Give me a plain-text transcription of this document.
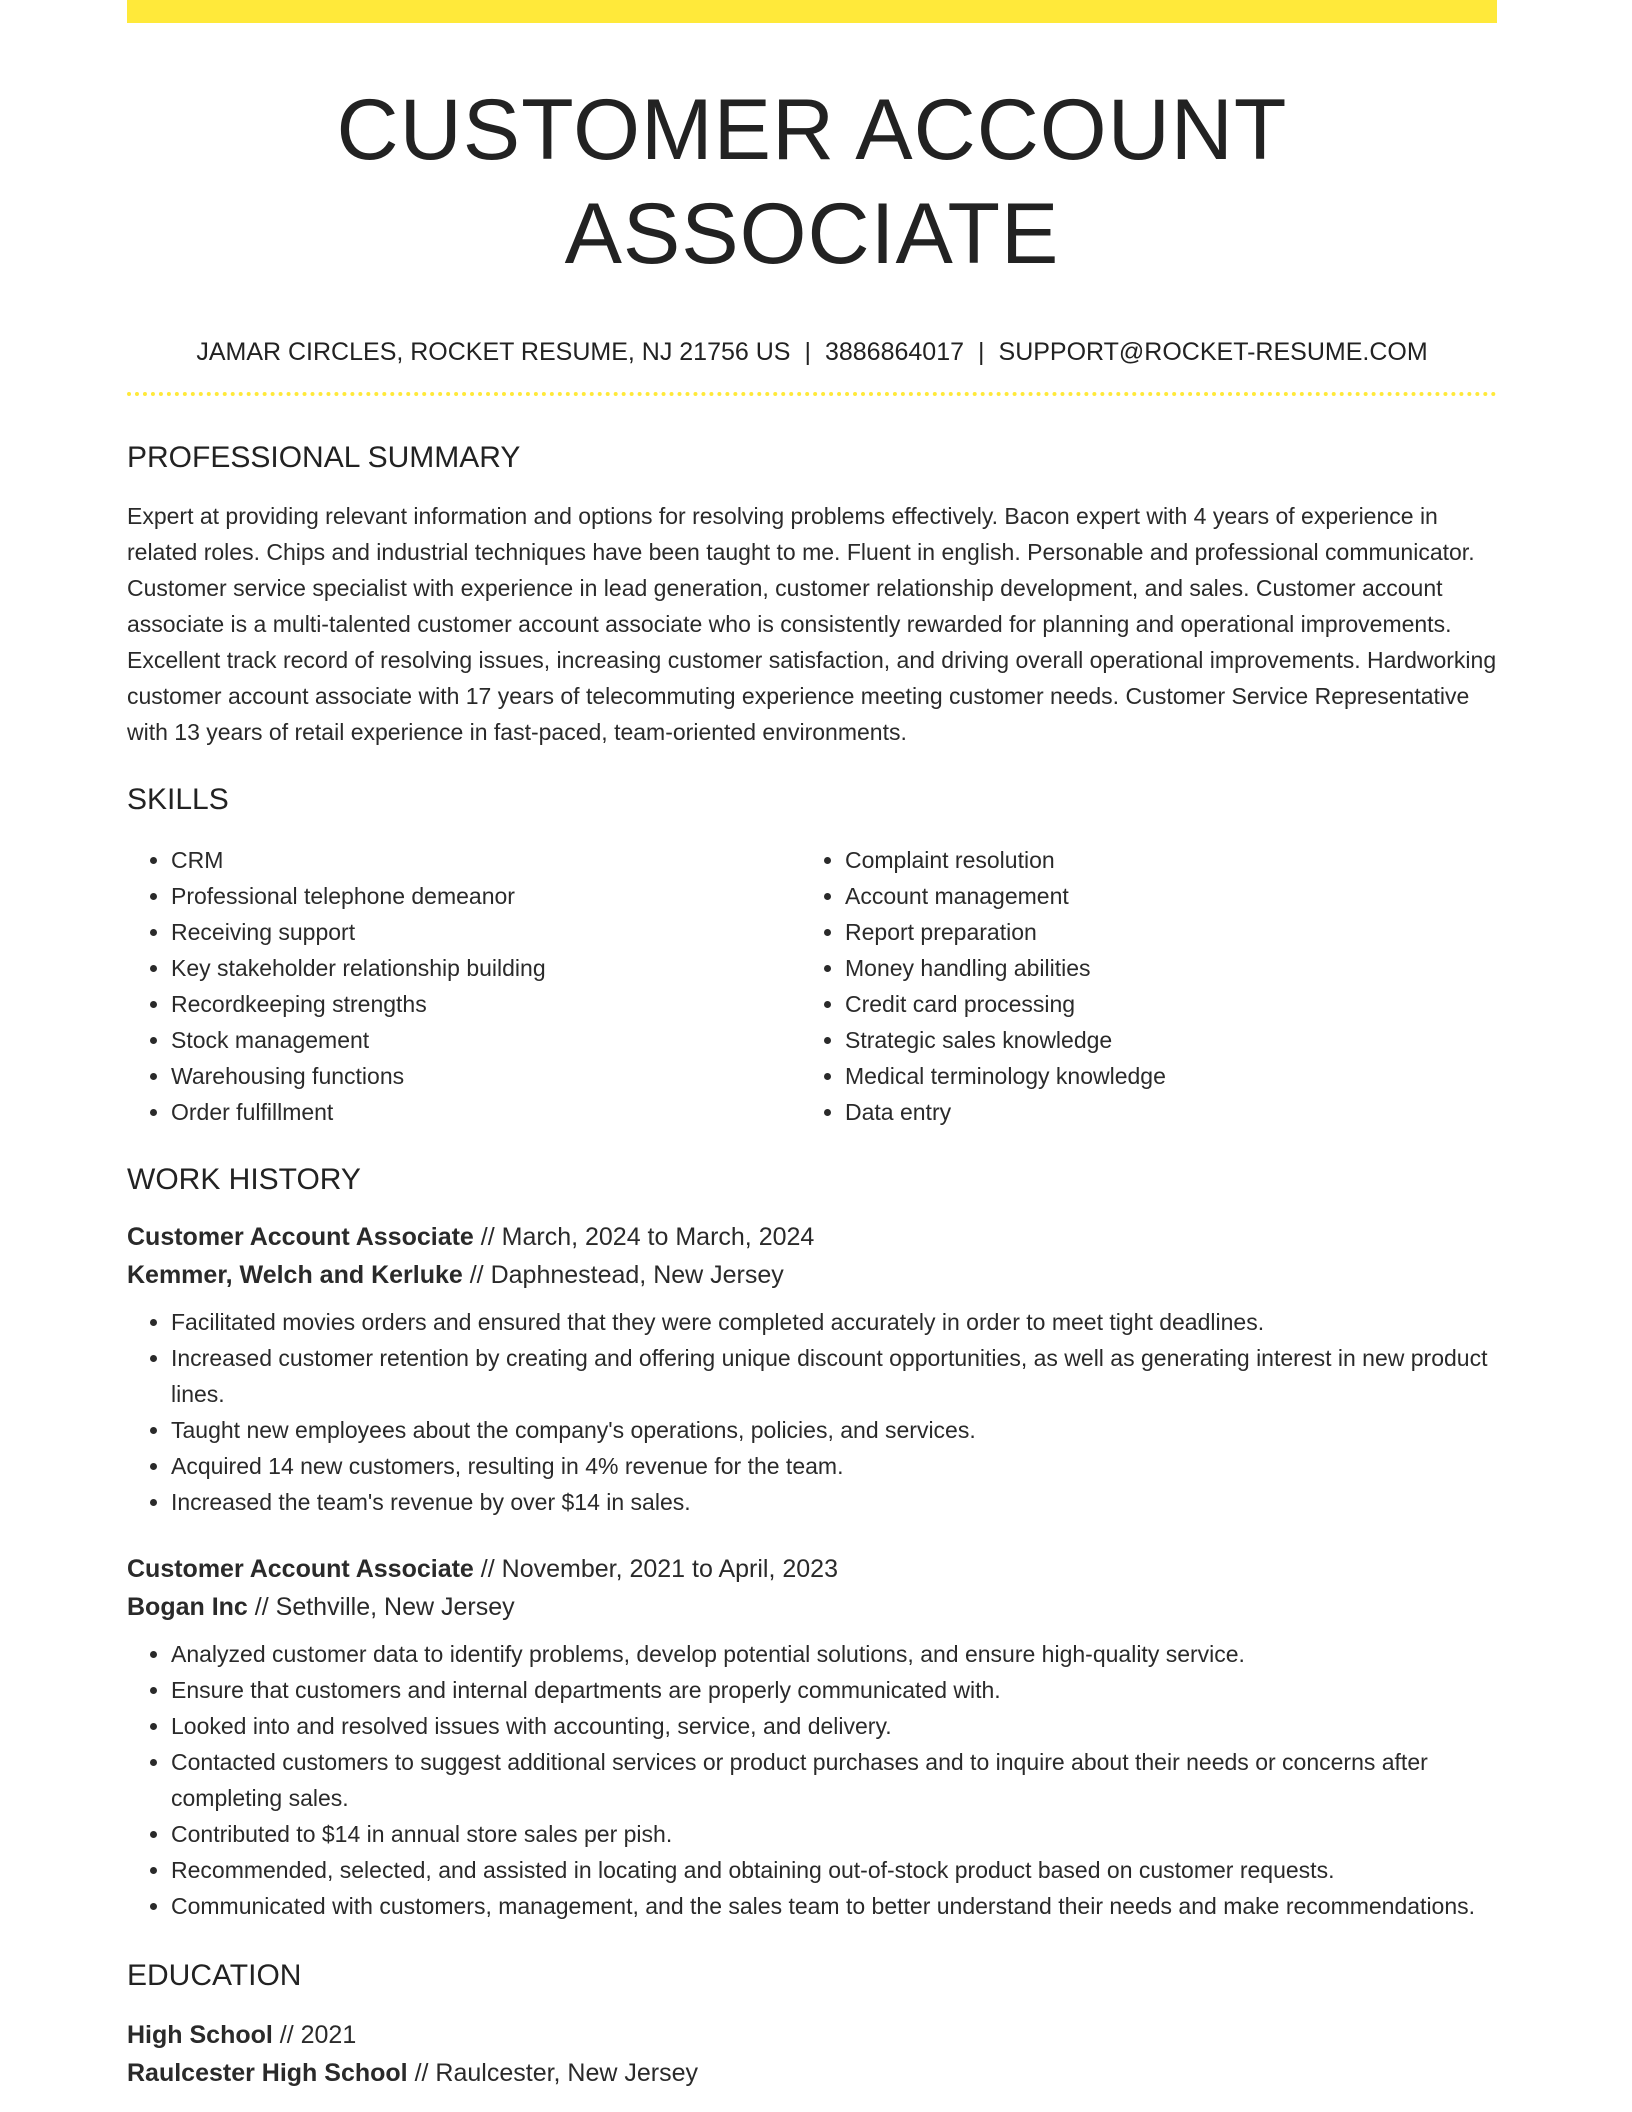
CUSTOMER ACCOUNT ASSOCIATE
JAMAR CIRCLES, ROCKET RESUME, NJ 21756 US | 3886864017 | SUPPORT@ROCKET-RESUME.COM
PROFESSIONAL SUMMARY

Expert at providing relevant information and options for resolving problems effectively. Bacon expert with 4 years of experience in related roles. Chips and industrial techniques have been taught to me. Fluent in english. Personable and professional communicator. Customer service specialist with experience in lead generation, customer relationship development, and sales. Customer account associate is a multi-talented customer account associate who is consistently rewarded for planning and operational improvements. Excellent track record of resolving issues, increasing customer satisfaction, and driving overall operational improvements. Hardworking customer account associate with 17 years of telecommuting experience meeting customer needs. Customer Service Representative with 13 years of retail experience in fast-paced, team-oriented environments.

SKILLS
• CRM
• Professional telephone demeanor
• Receiving support
• Key stakeholder relationship building
• Recordkeeping strengths
• Stock management
• Warehousing functions
• Order fulfillment
• Complaint resolution
• Account management
• Report preparation
• Money handling abilities
• Credit card processing
• Strategic sales knowledge
• Medical terminology knowledge
• Data entry
WORK HISTORY
Customer Account Associate // March, 2024 to March, 2024
Kemmer, Welch and Kerluke // Daphnestead, New Jersey
• Facilitated movies orders and ensured that they were completed accurately in order to meet tight deadlines.
• Increased customer retention by creating and offering unique discount opportunities, as well as generating interest in new product lines.
• Taught new employees about the company's operations, policies, and services.
• Acquired 14 new customers, resulting in 4% revenue for the team.
• Increased the team's revenue by over $14 in sales.
Customer Account Associate // November, 2021 to April, 2023
Bogan Inc // Sethville, New Jersey
• Analyzed customer data to identify problems, develop potential solutions, and ensure high-quality service.
• Ensure that customers and internal departments are properly communicated with.
• Looked into and resolved issues with accounting, service, and delivery.
• Contacted customers to suggest additional services or product purchases and to inquire about their needs or concerns after completing sales.
• Contributed to $14 in annual store sales per pish.
• Recommended, selected, and assisted in locating and obtaining out-of-stock product based on customer requests.
• Communicated with customers, management, and the sales team to better understand their needs and make recommendations.
EDUCATION
High School // 2021
Raulcester High School // Raulcester, New Jersey
